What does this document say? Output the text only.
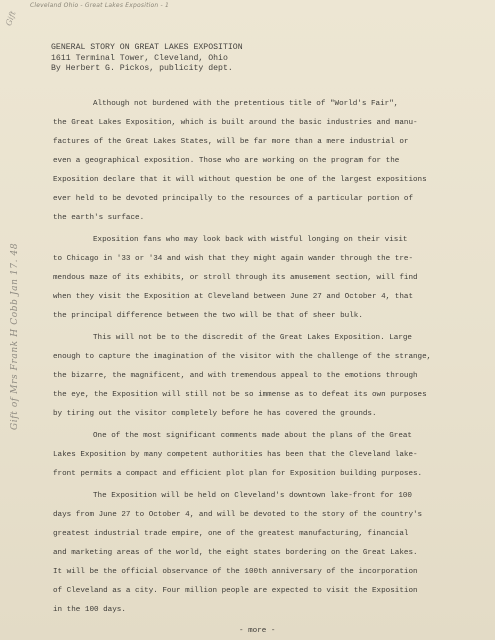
Cleveland Ohio - Great Lakes Exposition - 1
Gift
Gift of Mrs Frank H Cobb Jan 17. 48
GENERAL STORY ON GREAT LAKES EXPOSITION
1611 Terminal Tower, Cleveland, Ohio
By Herbert G. Pickos, publicity dept.
Although not burdened with the pretentious title of "World's Fair",
the Great Lakes Exposition, which is built around the basic industries and manu-
factures of the Great Lakes States, will be far more than a mere industrial or
even a geographical exposition. Those who are working on the program for the
Exposition declare that it will without question be one of the largest expositions
ever held to be devoted principally to the resources of a particular portion of
the earth's surface.
Exposition fans who may look back with wistful longing on their visit
to Chicago in '33 or '34 and wish that they might again wander through the tre-
mendous maze of its exhibits, or stroll through its amusement section, will find
when they visit the Exposition at Cleveland between June 27 and October 4, that
the principal difference between the two will be that of sheer bulk.
This will not be to the discredit of the Great Lakes Exposition. Large
enough to capture the imagination of the visitor with the challenge of the strange,
the bizarre, the magnificent, and with tremendous appeal to the emotions through
the eye, the Exposition will still not be so immense as to defeat its own purposes
by tiring out the visitor completely before he has covered the grounds.
One of the most significant comments made about the plans of the Great
Lakes Exposition by many competent authorities has been that the Cleveland lake-
front permits a compact and efficient plot plan for Exposition building purposes.
The Exposition will be held on Cleveland's downtown lake-front for 100
days from June 27 to October 4, and will be devoted to the story of the country's
greatest industrial trade empire, one of the greatest manufacturing, financial
and marketing areas of the world, the eight states bordering on the Great Lakes.
It will be the official observance of the 100th anniversary of the incorporation
of Cleveland as a city. Four million people are expected to visit the Exposition
in the 100 days.
- more -
